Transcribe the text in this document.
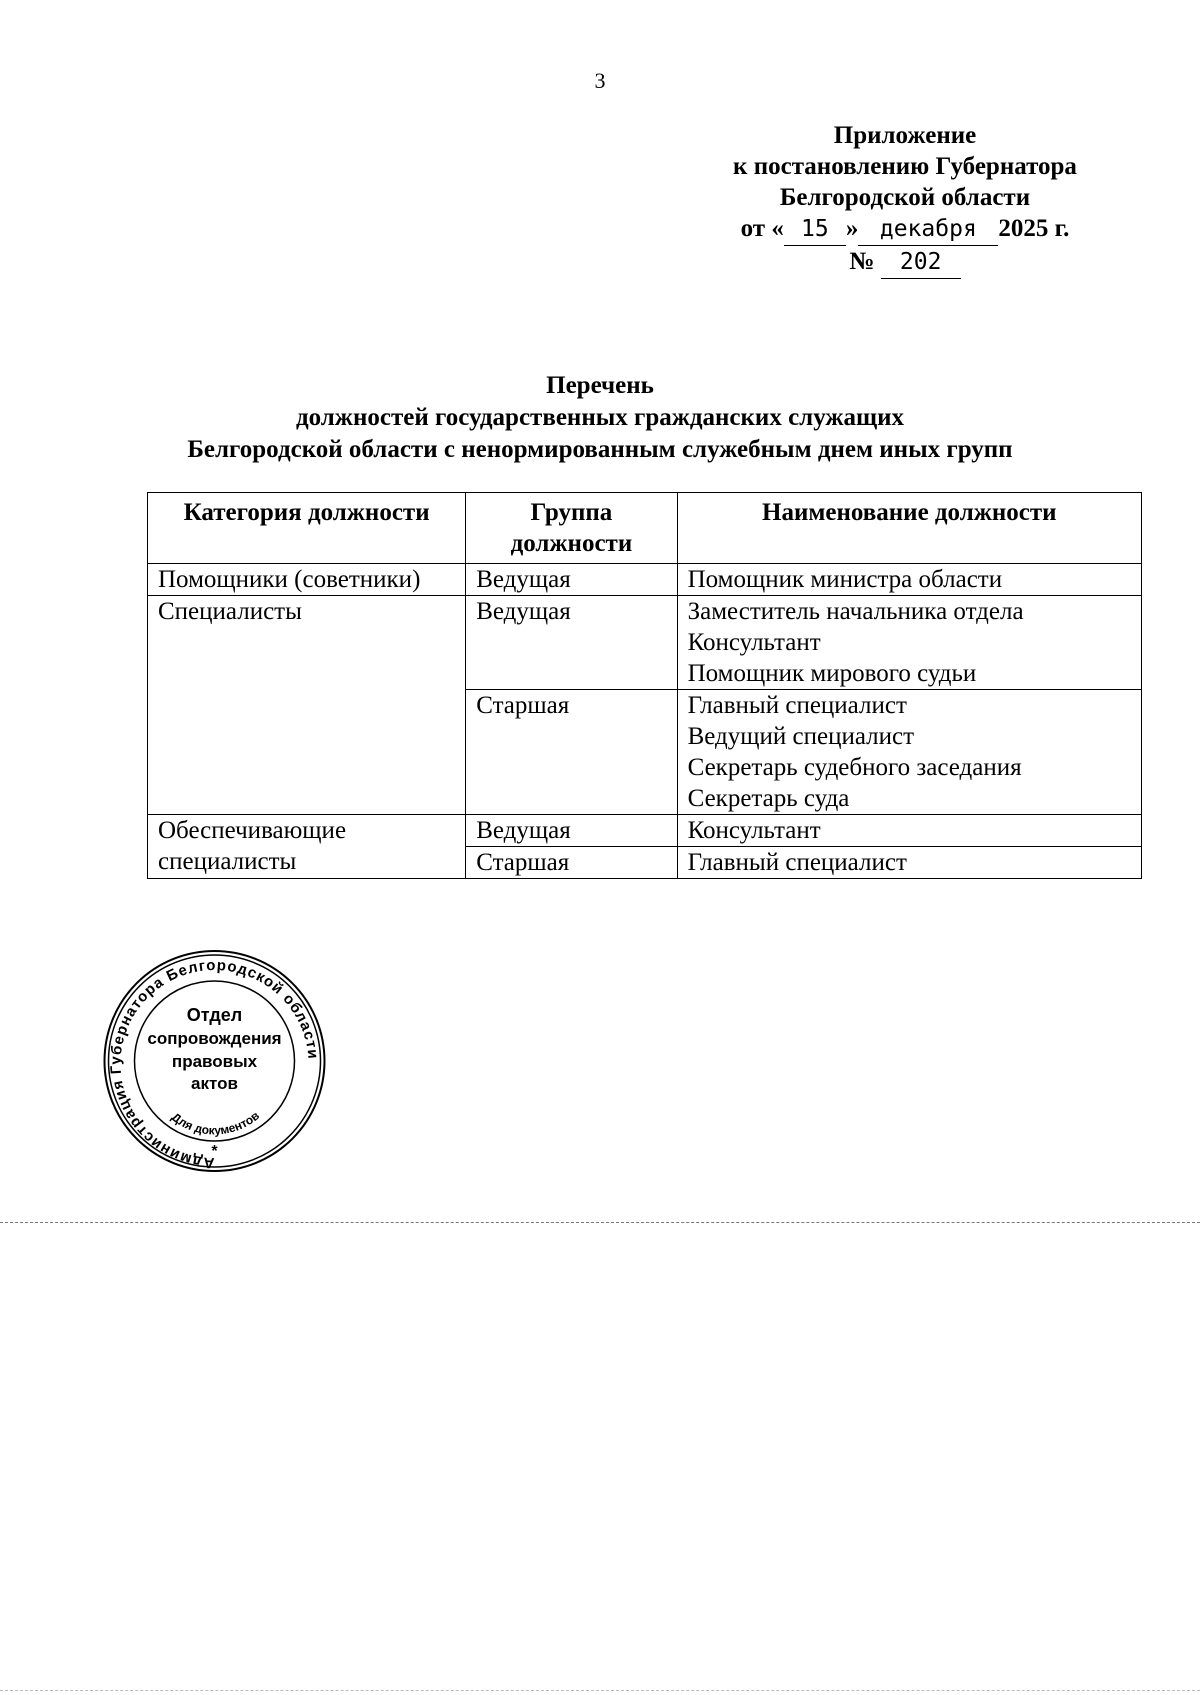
3
Приложение
к постановлению Губернатора
Белгородской области
от « 15 » декабря 2025 г.
№ 202
Перечень
должностей государственных гражданских служащих
Белгородской области с ненормированным служебным днем иных групп
Категория должности	Группа должности	Наименование должности
Помощники (советники)	Ведущая	Помощник министра области

Специалисты	Ведущая	Заместитель начальника отдела
Консультант
Помощник мирового судьи

	Старшая	Главный специалист
Ведущий специалист
Секретарь судебного заседания
Секретарь суда

Обеспечивающие специалисты	Ведущая	Консультант

	Старшая	Главный специалист
Администрация Губернатора Белгородской области
Для документов
Отдел
сопровождения
правовых
актов
*
